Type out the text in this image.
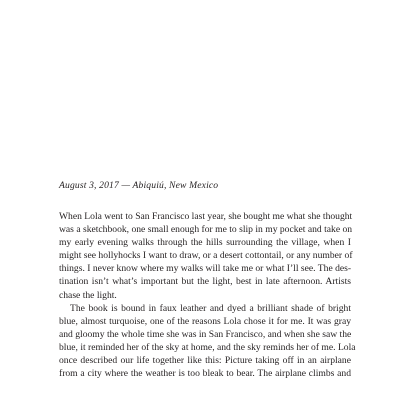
August 3, 2017 — Abiquiú, New Mexico
When Lola went to San Francisco last year, she bought me what she thought
was a sketchbook, one small enough for me to slip in my pocket and take on
my early evening walks through the hills surrounding the village, when I
might see hollyhocks I want to draw, or a desert cottontail, or any number of
things. I never know where my walks will take me or what I’ll see. The des-
tination isn’t what’s important but the light, best in late afternoon. Artists
chase the light.
The book is bound in faux leather and dyed a brilliant shade of bright
blue, almost turquoise, one of the reasons Lola chose it for me. It was gray
and gloomy the whole time she was in San Francisco, and when she saw the
blue, it reminded her of the sky at home, and the sky reminds her of me. Lola
once described our life together like this: Picture taking off in an airplane
from a city where the weather is too bleak to bear. The airplane climbs and
